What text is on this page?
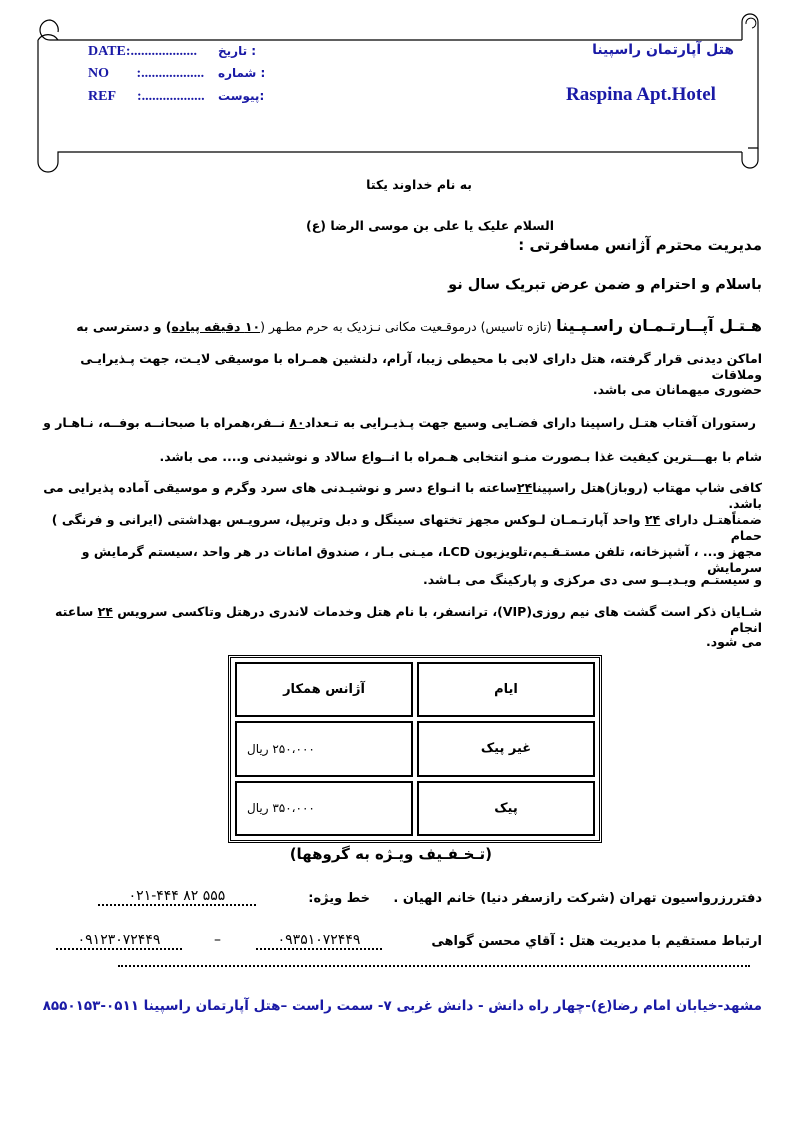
DATE:................... تاریخ :
NO :.................. شماره :
REF :.................. پیوست:
هتل آپارتمان راسپینا
Raspina Apt.Hotel
به نام خداوند یکتا
السلام علیک یا علی بن موسی الرضا (ع)
مدیریت محترم آژانس مسافرتی :
باسلام و احترام و ضمن عرض تبریک سال نو
هـتـل آپــارتـمـان راسـپـینا (تازه تاسیس) درموقـعیت مکانی نـزدیک به حرم مطـهر (۱۰ دقیقه پیاده) و دسترسی به
اماکن دیدنی قرار گرفته، هتل دارای لابی با محیطی زیبا، آرام، دلنشین همـراه با موسیقی لایـت، جهت پـذیرایـی وملاقات
حضوری میهمانان می باشد.
رستوران آفتاب هتـل راسپینا دارای فضـایی وسیع جهت پـذیـرایی به تـعداد۸۰ نــفر،همراه با صبحانــه بوفــه، نـاهـار و
شام با بهـــترین کیفیت غذا بـصورت منـو انتخابی هـمراه با انــواع سالاد و نوشیدنی و.... می باشد.
کافی شاپ مهتاب (روباز)هتل راسپینا۲۴ساعته با انـواع دسر و نوشیـدنی های سرد وگرم و موسیقی آماده پذیرایی می باشد.
ضمناًهتـل دارای ۲۴ واحد آپارتـمـان لـوکس مجهز تختهای سینگل و دبل وتریپل، سرویـس بهداشتی (ایرانی و فرنگی ) حمام
مجهز و... ، آشپزخانه، تلفن مستـقـیم،تلویزیون LCD، میـنی بـار ، صندوق امانات در هر واحد ،سیستم گرمایش و سرمایش
و سیستـم ویـدیــو سی دی مرکزی و پارکینگ می بـاشد.
شـایان ذکر است گشت های نیم روزی(VIP)، ترانسفر، با نام هتل وخدمات لاندری درهتل وتاکسی سرویس ۲۴ ساعته انجام
می شود.
آژانس همکار	ایام
۲۵۰،۰۰۰ ریال	غیر پیک
۳۵۰،۰۰۰ ریال	پیک
(تـخـفـیف ویـژه به گروهها)
دفتررزرواسیون تهران (شرکت رازسفر دنیا) خانم الهیان .
خط ویژه:
۰۲۱-۴۴۴ ۸۲ ۵۵۵
ارتباط مستقیم با مدیریت هتل : آقاي محسن گواهی
۰۹۳۵۱۰۷۲۴۴۹
–
۰۹۱۲۳۰۷۲۴۴۹
مشهد-خیابان امام رضا(ع)-چهار راه دانش - دانش غربی ۷- سمت راست –هتل آپارتمان راسپینا ۰۵۱۱-۸۵۵۰۱۵۳
